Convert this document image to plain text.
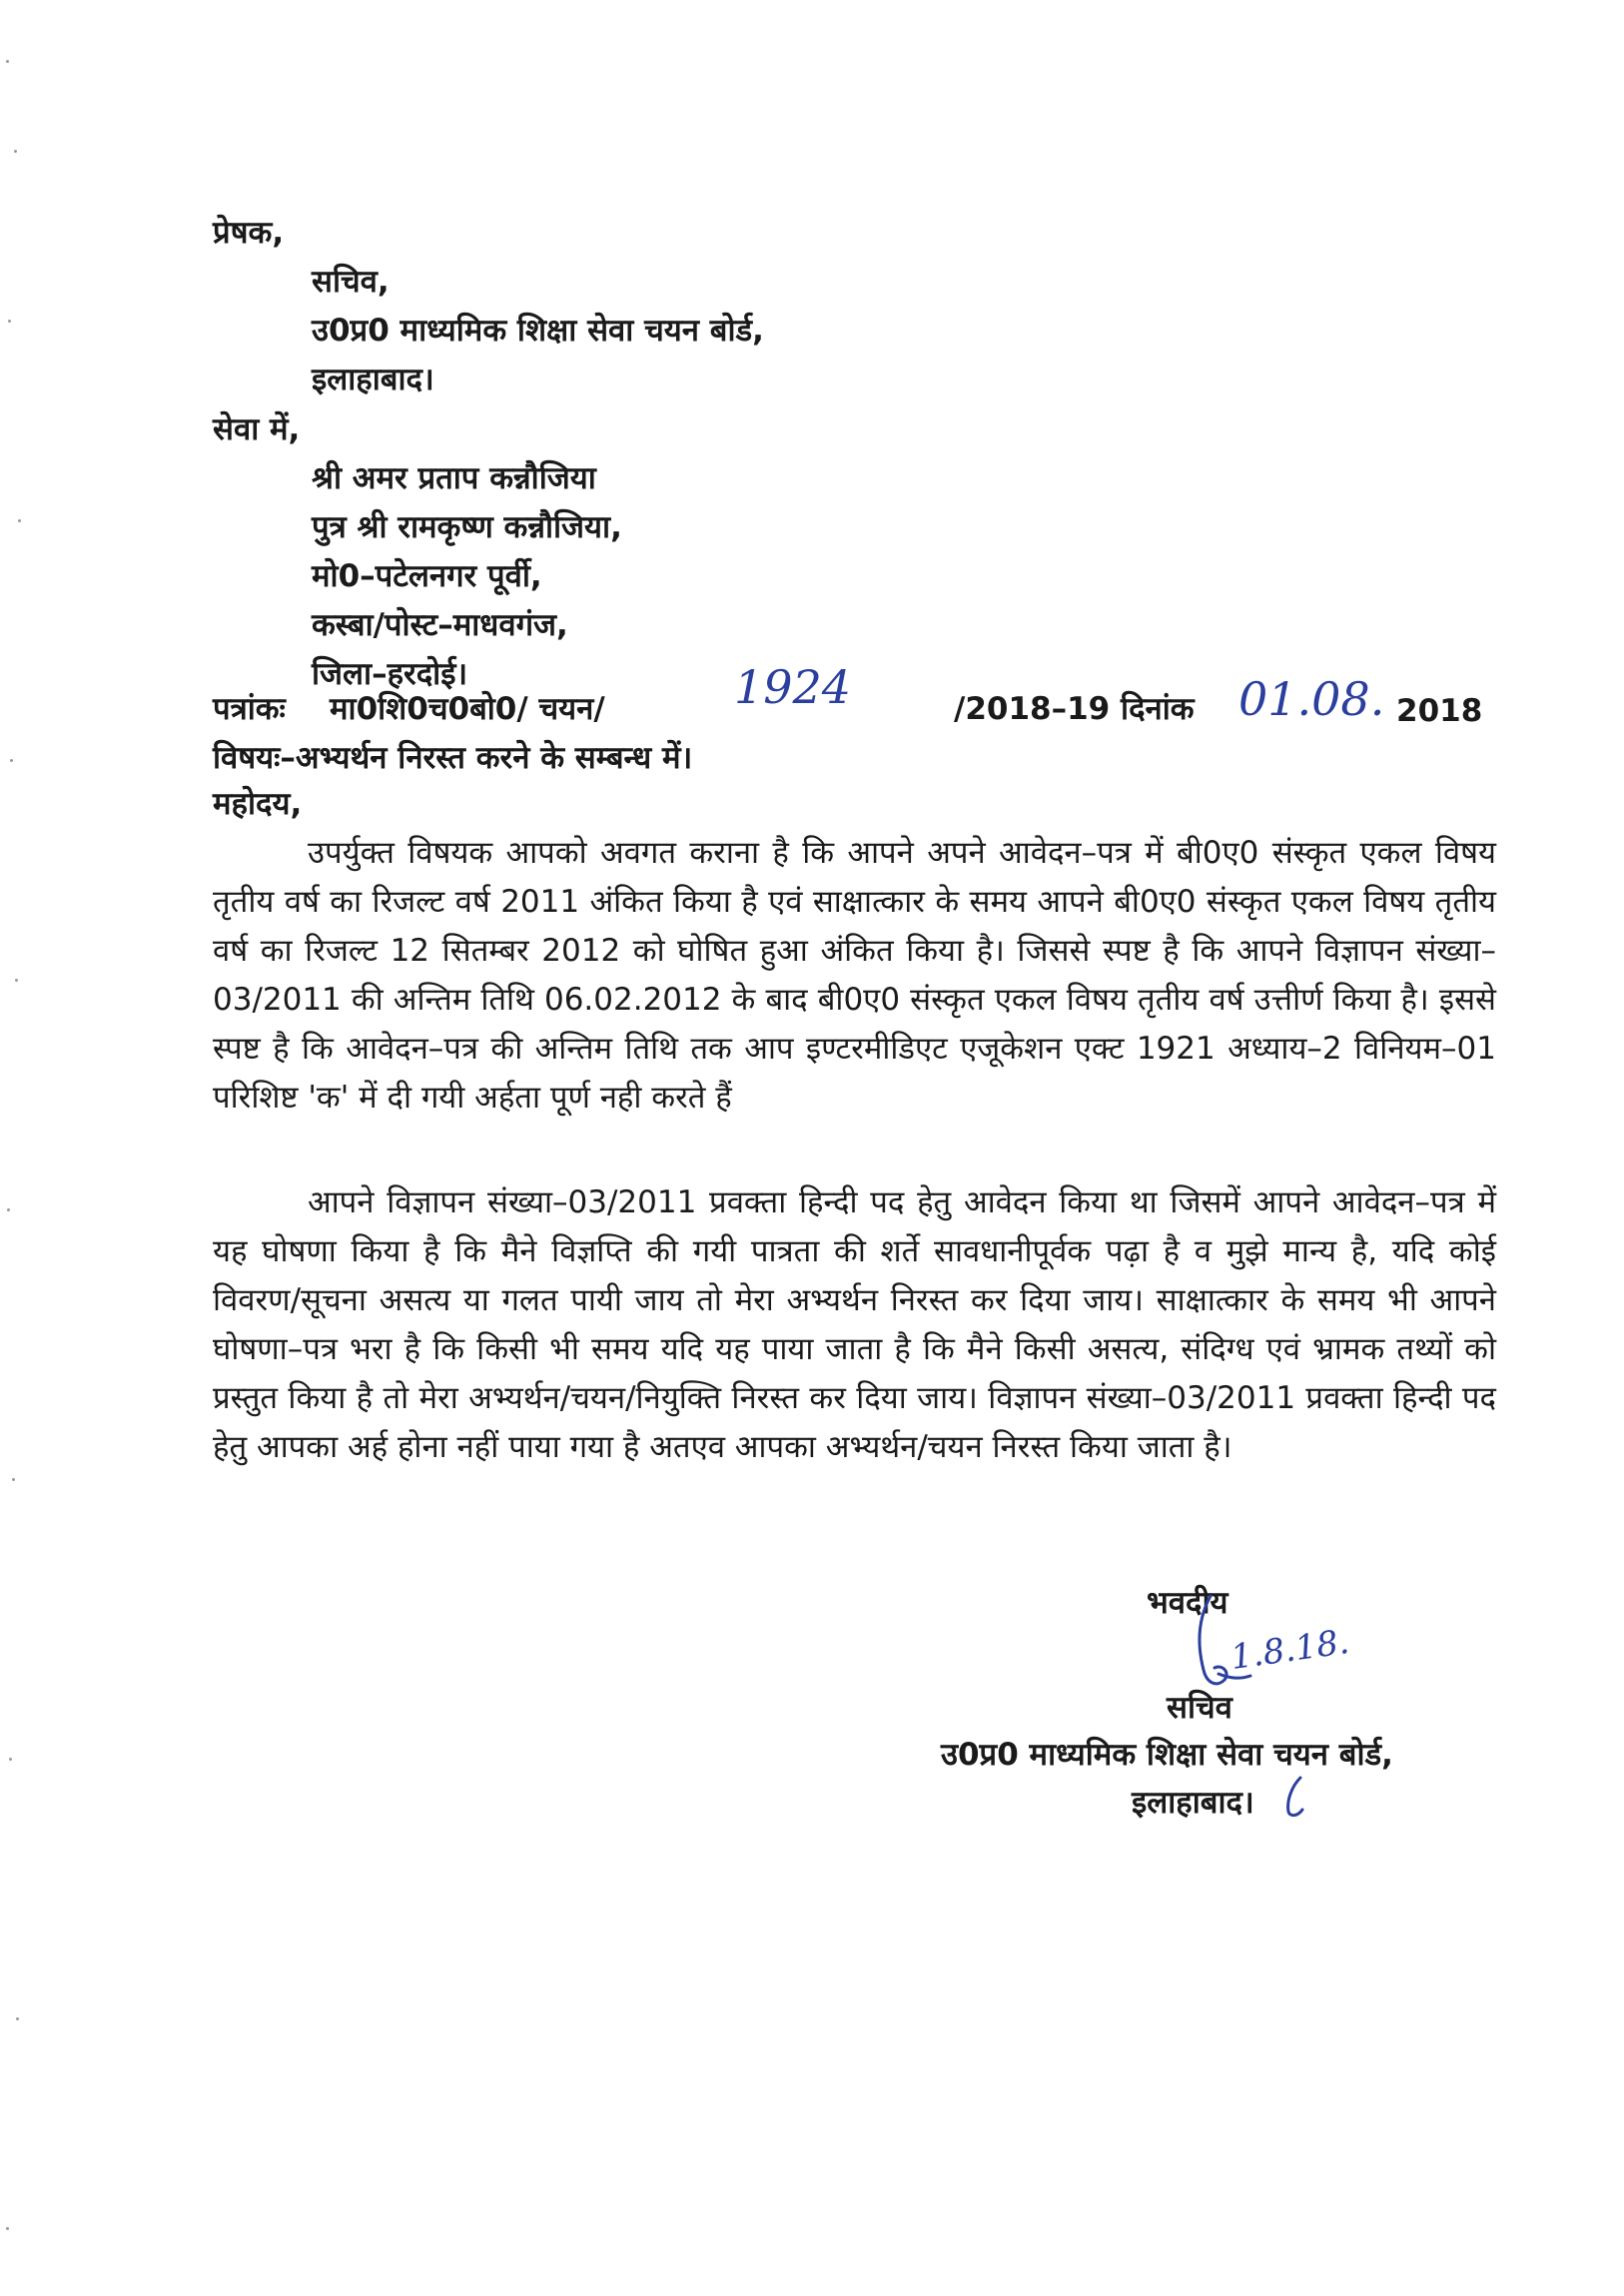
प्रेषक,
सचिव,
उ0प्र0 माध्यमिक शिक्षा सेवा चयन बोर्ड,
इलाहाबाद।
सेवा में,
श्री अमर प्रताप कन्नौजिया
पुत्र श्री रामकृष्ण कन्नौजिया,
मो0–पटेलनगर पूर्वी,
कस्बा/पोस्ट–माधवगंज,
जिला–हरदोई।
पत्रांकः मा0शि0च0बो0/ चयन/	1924	/2018–19 दिनांक 01.08. 2018
विषयः–अभ्यर्थन निरस्त करने के सम्बन्ध में।
महोदय,
उपर्युक्त विषयक आपको अवगत कराना है कि आपने अपने आवेदन–पत्र में बी0ए0 संस्कृत एकल विषय तृतीय वर्ष का रिजल्ट वर्ष 2011 अंकित किया है एवं साक्षात्कार के समय आपने बी0ए0 संस्कृत एकल विषय तृतीय वर्ष का रिजल्ट 12 सितम्बर 2012 को घोषित हुआ अंकित किया है। जिससे स्पष्ट है कि आपने विज्ञापन संख्या–03/2011 की अन्तिम तिथि 06.02.2012 के बाद बी0ए0 संस्कृत एकल विषय तृतीय वर्ष उत्तीर्ण किया है। इससे स्पष्ट है कि आवेदन–पत्र की अन्तिम तिथि तक आप इण्टरमीडिएट एजूकेशन एक्ट 1921 अध्याय–2 विनियम–01 परिशिष्ट 'क' में दी गयी अर्हता पूर्ण नही करते हैं
आपने विज्ञापन संख्या–03/2011 प्रवक्ता हिन्दी पद हेतु आवेदन किया था जिसमें आपने आवेदन–पत्र में यह घोषणा किया है कि मैने विज्ञप्ति की गयी पात्रता की शर्ते सावधानीपूर्वक पढ़ा है व मुझे मान्य है, यदि कोई विवरण/सूचना असत्य या गलत पायी जाय तो मेरा अभ्यर्थन निरस्त कर दिया जाय। साक्षात्कार के समय भी आपने घोषणा–पत्र भरा है कि किसी भी समय यदि यह पाया जाता है कि मैने किसी असत्य, संदिग्ध एवं भ्रामक तथ्यों को प्रस्तुत किया है तो मेरा अभ्यर्थन/चयन/नियुक्ति निरस्त कर दिया जाय। विज्ञापन संख्या–03/2011 प्रवक्ता हिन्दी पद हेतु आपका अर्ह होना नहीं पाया गया है अतएव आपका अभ्यर्थन/चयन निरस्त किया जाता है।
भवदीय
1.8.18.
सचिव
उ0प्र0 माध्यमिक शिक्षा सेवा चयन बोर्ड,
इलाहाबाद।
